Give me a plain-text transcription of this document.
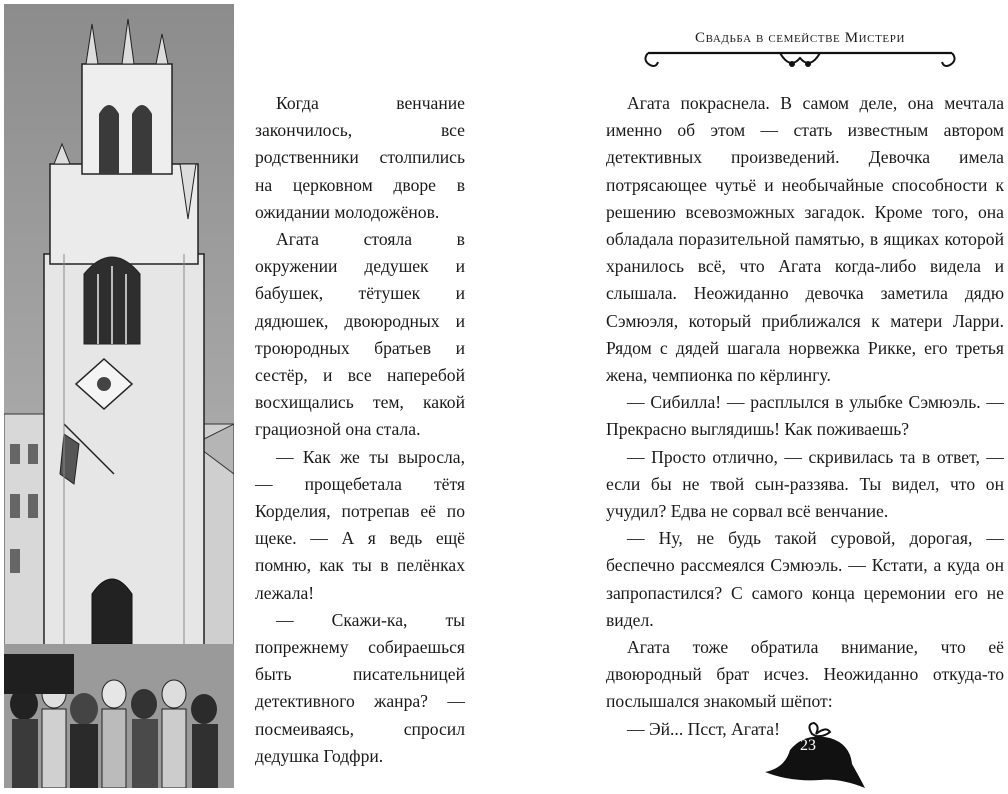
Когда венчание закончилось, все родственники столпились на церковном дворе в ожидании молодожёнов.

Агата стояла в окружении дедушек и бабушек, тётушек и дядюшек, двоюродных и троюродных братьев и сестёр, и все наперебой восхищались тем, какой грациозной она стала.

— Как же ты выросла, — прощебетала тётя Корделия, потрепав её по щеке. — А я ведь ещё помню, как ты в пелёнках лежала!

— Скажи-ка, ты попрежнему собираешься быть писательницей детективного жанра? — посмеиваясь, спросил дедушка Годфри.

Свадьба в семействе Мистери

Агата покраснела. В самом деле, она мечтала именно об этом — стать известным автором детективных произведений. Девочка имела потрясающее чутьё и необычайные способности к решению всевозможных загадок. Кроме того, она обладала поразительной памятью, в ящиках которой хранилось всё, что Агата когда-либо видела и слышала. Неожиданно девочка заметила дядю Сэмюэля, который приближался к матери Ларри. Рядом с дядей шагала норвежка Рикке, его третья жена, чемпионка по кёрлингу.

— Сибилла! — расплылся в улыбке Сэмюэль. — Прекрасно выглядишь! Как поживаешь?

— Просто отлично, — скривилась та в ответ, — если бы не твой сын-раззява. Ты видел, что он учудил? Едва не сорвал всё венчание.

— Ну, не будь такой суровой, дорогая, — беспечно рассмеялся Сэмюэль. — Кстати, а куда он запропастился? С самого конца церемонии его не видел.

Агата тоже обратила внимание, что её двоюродный брат исчез. Неожиданно откуда-то послышался знакомый шёпот:

— Эй... Псст, Агата!

23
